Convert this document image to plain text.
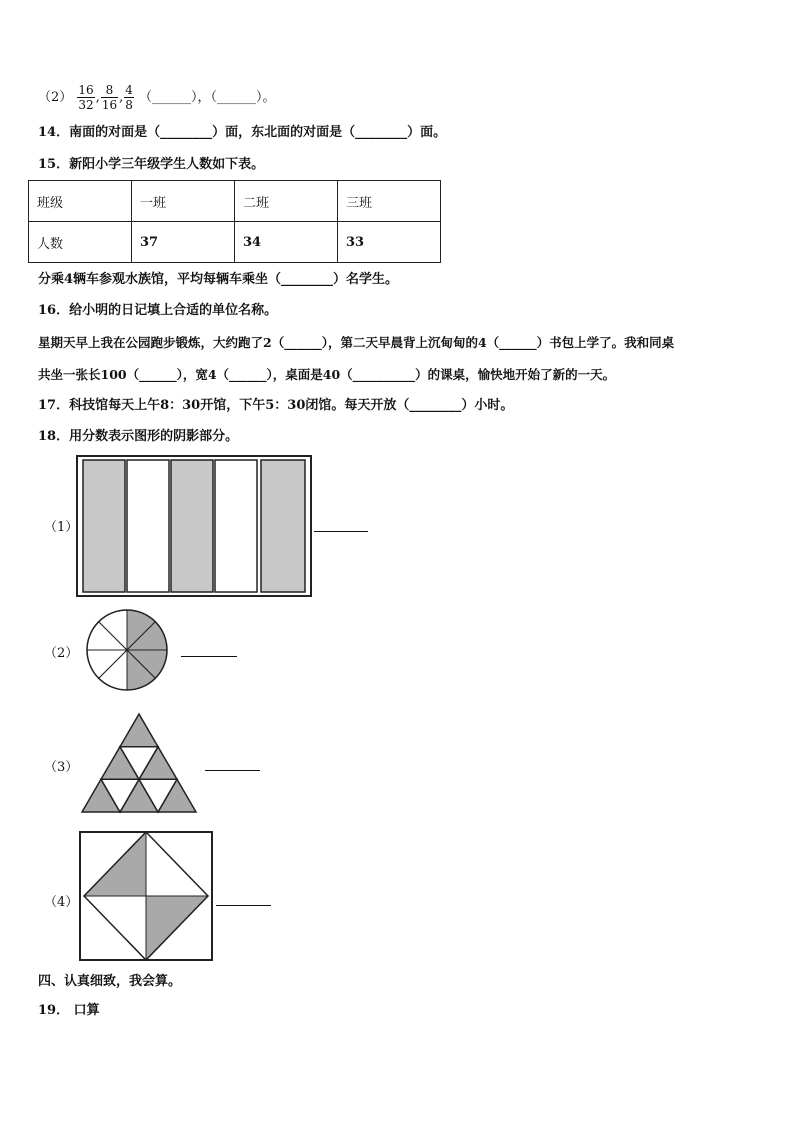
$(2) \frac{16}{32}$ , $\frac{8}{16}$ , $\frac{4}{8}$ （______），（______）。
14．南面的对面是（________）面，东北面的对面是（________）面。
15．新阳小学三年级学生人数如下表。
班级	一班	二班	三班
人数	37	34	33
分乘4辆车参观水族馆，平均每辆车乘坐（________）名学生。
16．给小明的日记填上合适的单位名称。
星期天早上我在公园跑步锻炼，大约跑了2（______），第二天早晨背上沉甸甸的4（______）书包上学了。我和同桌
共坐一张长100（______），宽4（______），桌面是40（__________）的课桌，愉快地开始了新的一天。
17．科技馆每天上午8：30开馆，下午5：30闭馆。每天开放（________）小时。
18．用分数表示图形的阴影部分。
（1）
（2）
（3）
（4）
四、认真细致，我会算。
19． 口算
